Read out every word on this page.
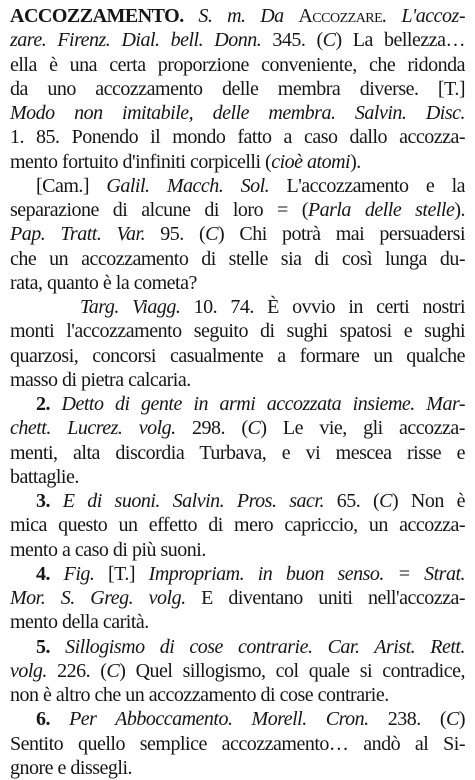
ACCOZZAMENTO. S. m. Da Accozzare. L'accoz-
zare. Firenz. Dial. bell. Donn. 345. (C) La bellezza…
ella è una certa proporzione conveniente, che ridonda
da uno accozzamento delle membra diverse. [T.]
Modo non imitabile, delle membra. Salvin. Disc.
1. 85. Ponendo il mondo fatto a caso dallo accozza-
mento fortuito d'infiniti corpicelli (cioè atomi).
[Cam.] Galil. Macch. Sol. L'accozzamento e la
separazione di alcune di loro = (Parla delle stelle).
Pap. Tratt. Var. 95. (C) Chi potrà mai persuadersi
che un accozzamento di stelle sia di così lunga du-
rata, quanto è la cometa?
Targ. Viagg. 10. 74. È ovvio in certi nostri
monti l'accozzamento seguito di sughi spatosi e sughi
quarzosi, concorsi casualmente a formare un qualche
masso di pietra calcaria.
2. Detto di gente in armi accozzata insieme. Mar-
chett. Lucrez. volg. 298. (C) Le vie, gli accozza-
menti, alta discordia Turbava, e vi mescea risse e
battaglie.
3. E di suoni. Salvin. Pros. sacr. 65. (C) Non è
mica questo un effetto di mero capriccio, un accozza-
mento a caso di più suoni.
4. Fig. [T.] Impropriam. in buon senso. = Strat.
Mor. S. Greg. volg. E diventano uniti nell'accozza-
mento della carità.
5. Sillogismo di cose contrarie. Car. Arist. Rett.
volg. 226. (C) Quel sillogismo, col quale si contradice,
non è altro che un accozzamento di cose contrarie.
6. Per Abboccamento. Morell. Cron. 238. (C)
Sentito quello semplice accozzamento… andò al Si-
gnore e dissegli.
